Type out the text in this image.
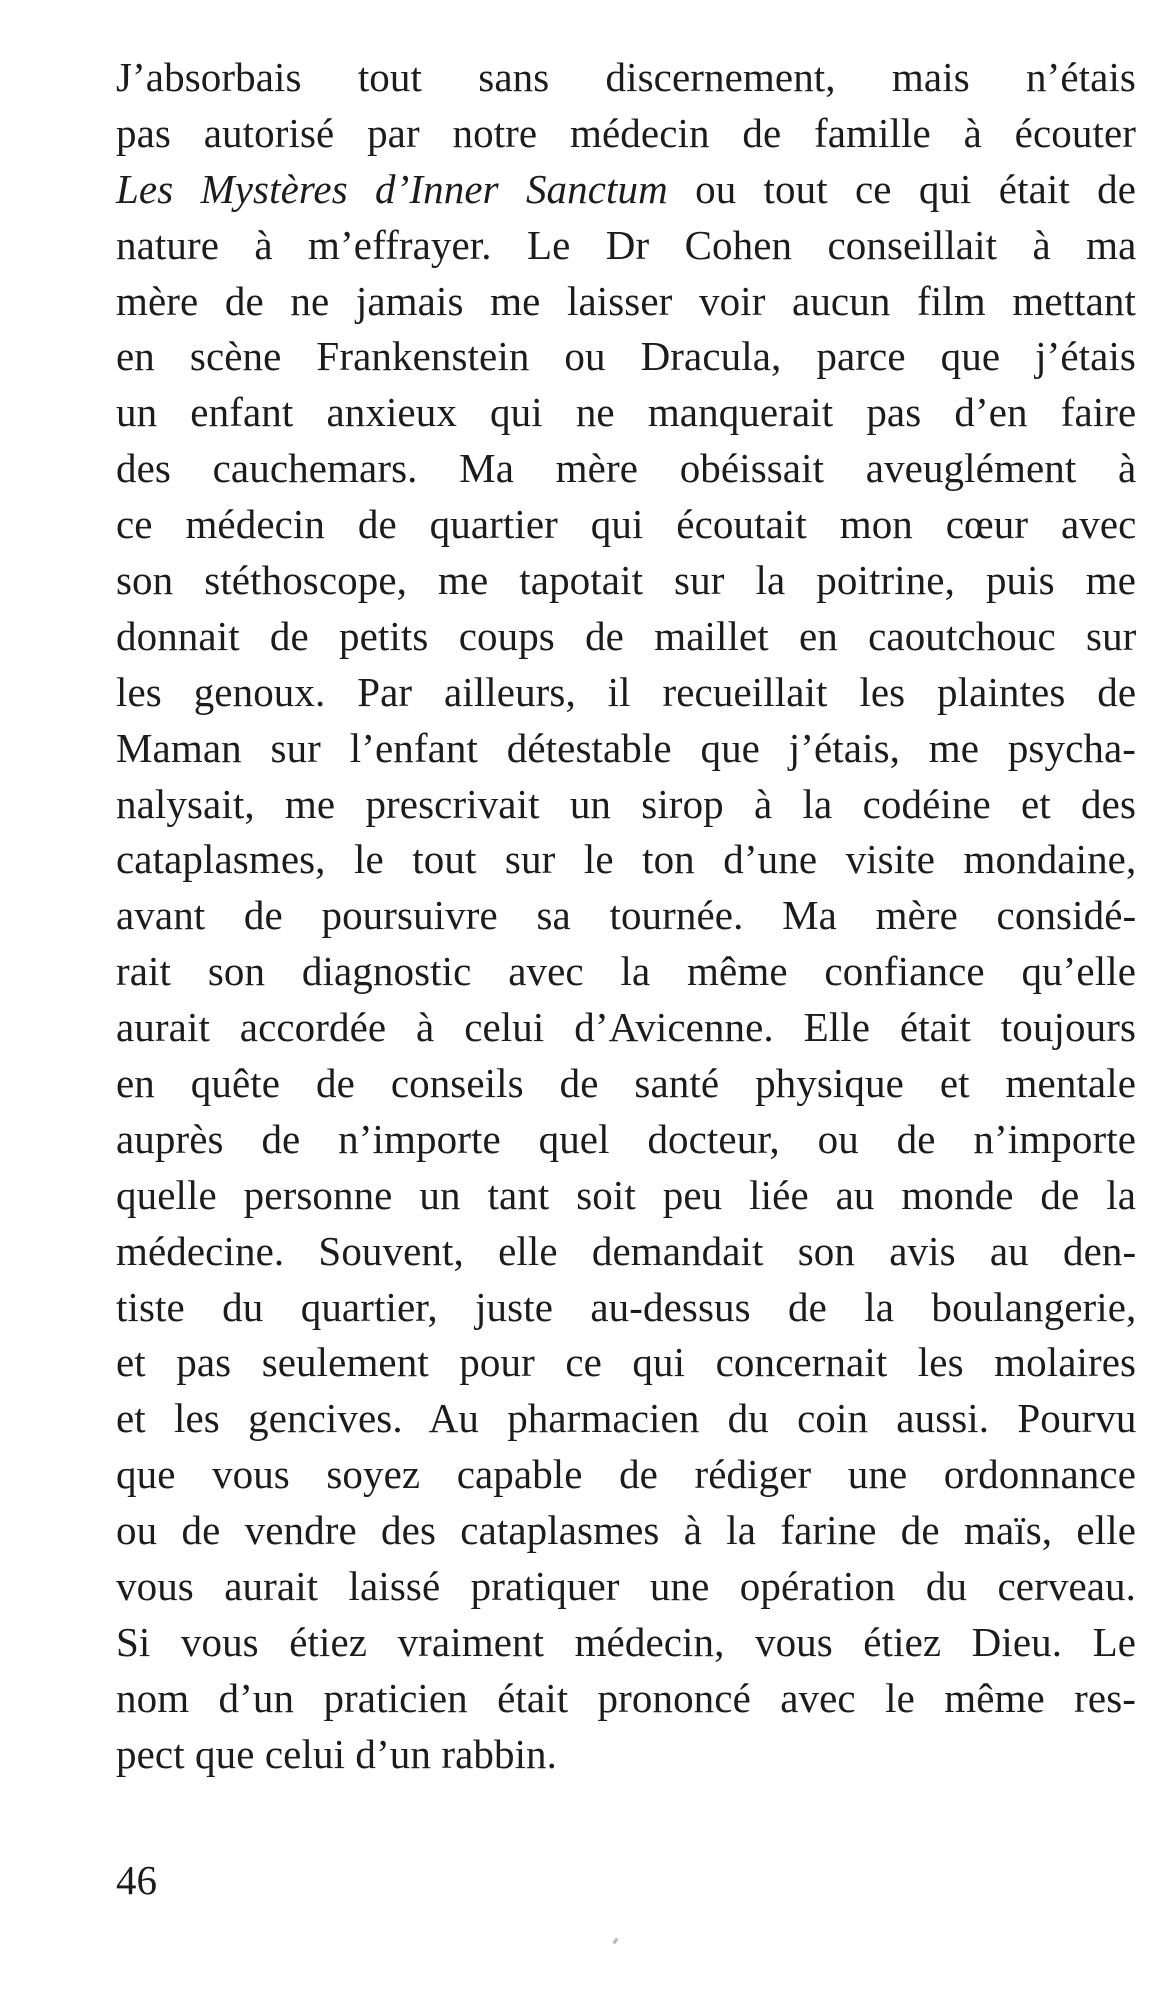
J’absorbais tout sans discernement, mais n’étais
pas autorisé par notre médecin de famille à écouter
Les Mystères d’Inner Sanctum ou tout ce qui était de
nature à m’effrayer. Le Dr Cohen conseillait à ma
mère de ne jamais me laisser voir aucun film mettant
en scène Frankenstein ou Dracula, parce que j’étais
un enfant anxieux qui ne manquerait pas d’en faire
des cauchemars. Ma mère obéissait aveuglément à
ce médecin de quartier qui écoutait mon cœur avec
son stéthoscope, me tapotait sur la poitrine, puis me
donnait de petits coups de maillet en caoutchouc sur
les genoux. Par ailleurs, il recueillait les plaintes de
Maman sur l’enfant détestable que j’étais, me psycha-
nalysait, me prescrivait un sirop à la codéine et des
cataplasmes, le tout sur le ton d’une visite mondaine,
avant de poursuivre sa tournée. Ma mère considé-
rait son diagnostic avec la même confiance qu’elle
aurait accordée à celui d’Avicenne. Elle était toujours
en quête de conseils de santé physique et mentale
auprès de n’importe quel docteur, ou de n’importe
quelle personne un tant soit peu liée au monde de la
médecine. Souvent, elle demandait son avis au den-
tiste du quartier, juste au-dessus de la boulangerie,
et pas seulement pour ce qui concernait les molaires
et les gencives. Au pharmacien du coin aussi. Pourvu
que vous soyez capable de rédiger une ordonnance
ou de vendre des cataplasmes à la farine de maïs, elle
vous aurait laissé pratiquer une opération du cerveau.
Si vous étiez vraiment médecin, vous étiez Dieu. Le
nom d’un praticien était prononcé avec le même res-
pect que celui d’un rabbin.
46
